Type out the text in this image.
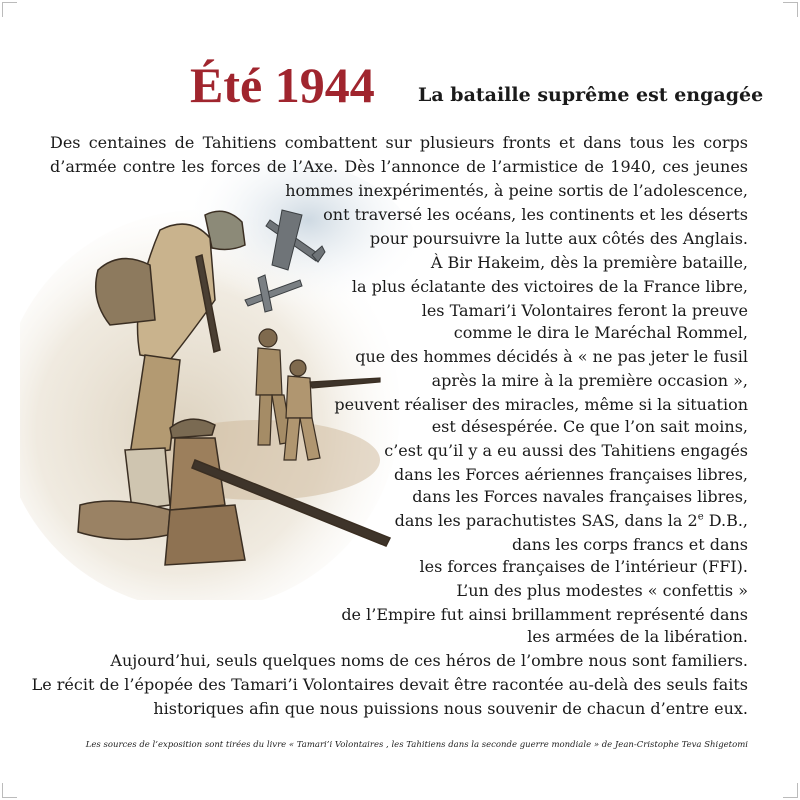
Été 1944 La bataille suprême est engagée
Des centaines de Tahitiens combattent sur plusieurs fronts et dans tous les corps
d’armée contre les forces de l’Axe. Dès l’annonce de l’armistice de 1940, ces jeunes
hommes inexpérimentés, à peine sortis de l’adolescence,
ont traversé les océans, les continents et les déserts
pour poursuivre la lutte aux côtés des Anglais.
À Bir Hakeim, dès la première bataille,
la plus éclatante des victoires de la France libre,
les Tamari’i Volontaires feront la preuve
comme le dira le Maréchal Rommel,
que des hommes décidés à « ne pas jeter le fusil
après la mire à la première occasion »,
peuvent réaliser des miracles, même si la situation
est désespérée. Ce que l’on sait moins,
c’est qu’il y a eu aussi des Tahitiens engagés
dans les Forces aériennes françaises libres,
dans les Forces navales françaises libres,
dans les parachutistes SAS, dans la 2e D.B.,
dans les corps francs et dans
les forces françaises de l’intérieur (FFI).
L’un des plus modestes « confettis »
de l’Empire fut ainsi brillamment représenté dans
les armées de la libération.
Aujourd’hui, seuls quelques noms de ces héros de l’ombre nous sont familiers.
Le récit de l’épopée des Tamari’i Volontaires devait être racontée au-delà des seuls faits
historiques afin que nous puissions nous souvenir de chacun d’entre eux.
Les sources de l’exposition sont tirées du livre « Tamari’i Volontaires , les Tahitiens dans la seconde guerre mondiale » de Jean-Cristophe Teva Shigetomi
